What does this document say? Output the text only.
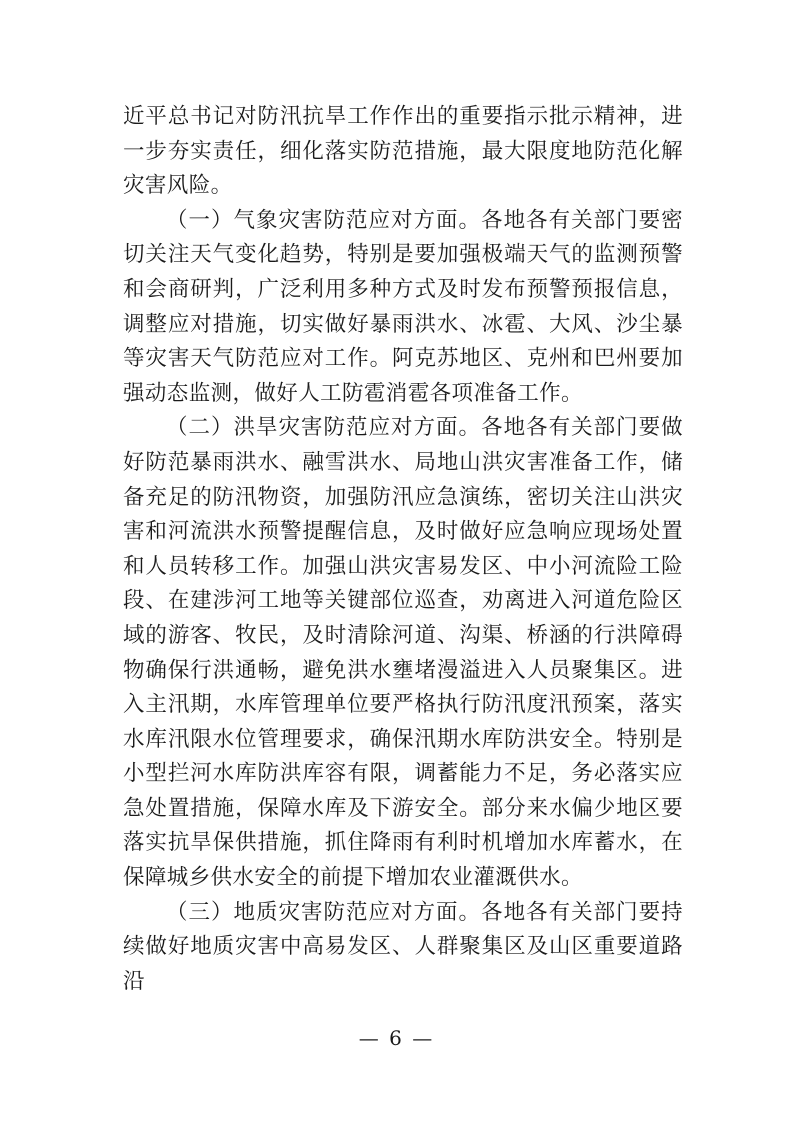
近平总书记对防汛抗旱工作作出的重要指示批示精神，进一步夯实责任，细化落实防范措施，最大限度地防范化解灾害风险。

（一）气象灾害防范应对方面。各地各有关部门要密切关注天气变化趋势，特别是要加强极端天气的监测预警和会商研判，广泛利用多种方式及时发布预警预报信息，调整应对措施，切实做好暴雨洪水、冰雹、大风、沙尘暴等灾害天气防范应对工作。阿克苏地区、克州和巴州要加强动态监测，做好人工防雹消雹各项准备工作。

（二）洪旱灾害防范应对方面。各地各有关部门要做好防范暴雨洪水、融雪洪水、局地山洪灾害准备工作，储备充足的防汛物资，加强防汛应急演练，密切关注山洪灾害和河流洪水预警提醒信息，及时做好应急响应现场处置和人员转移工作。加强山洪灾害易发区、中小河流险工险段、在建涉河工地等关键部位巡查，劝离进入河道危险区域的游客、牧民，及时清除河道、沟渠、桥涵的行洪障碍物确保行洪通畅，避免洪水壅堵漫溢进入人员聚集区。进入主汛期，水库管理单位要严格执行防汛度汛预案，落实水库汛限水位管理要求，确保汛期水库防洪安全。特别是小型拦河水库防洪库容有限，调蓄能力不足，务必落实应急处置措施，保障水库及下游安全。部分来水偏少地区要落实抗旱保供措施，抓住降雨有利时机增加水库蓄水，在保障城乡供水安全的前提下增加农业灌溉供水。

（三）地质灾害防范应对方面。各地各有关部门要持续做好地质灾害中高易发区、人群聚集区及山区重要道路沿

— 6 —
